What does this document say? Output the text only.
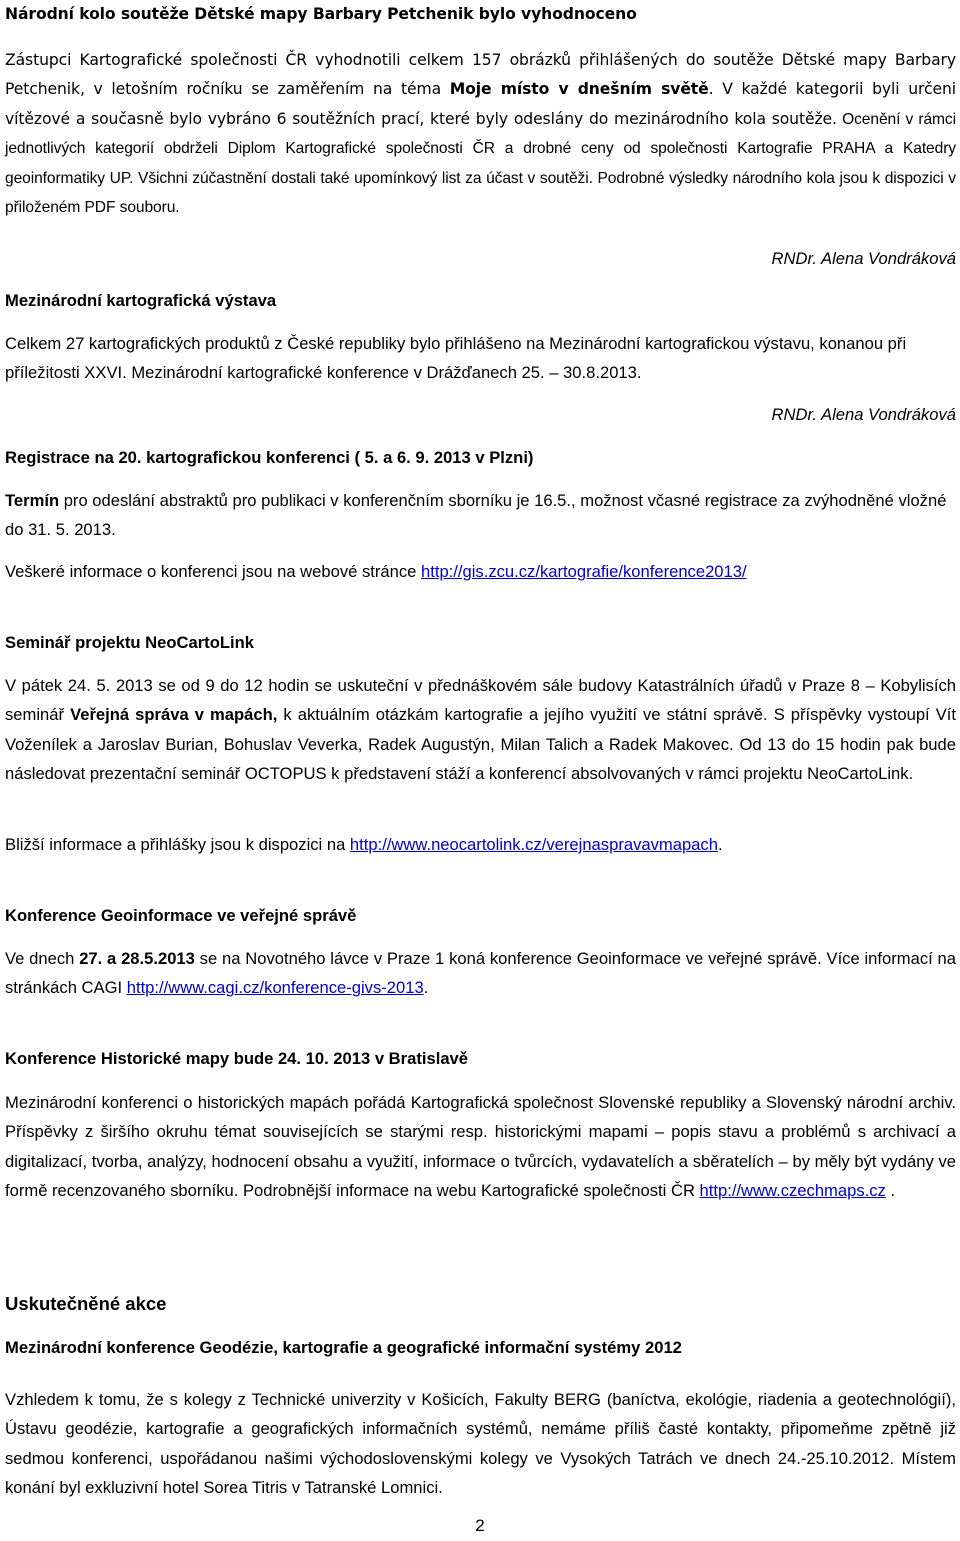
Národní kolo soutěže Dětské mapy Barbary Petchenik bylo vyhodnoceno
Zástupci Kartografické společnosti ČR vyhodnotili celkem 157 obrázků přihlášených do soutěže Dětské mapy Barbary Petchenik, v letošním ročníku se zaměřením na téma Moje místo v dnešním světě. V každé kategorii byli určeni vítězové a současně bylo vybráno 6 soutěžních prací, které byly odeslány do mezinárodního kola soutěže. Ocenění v rámci jednotlivých kategorií obdrželi Diplom Kartografické společnosti ČR a drobné ceny od společnosti Kartografie PRAHA a Katedry geoinformatiky UP. Všichni zúčastnění dostali také upomínkový list za účast v soutěži. Podrobné výsledky národního kola jsou k dispozici v přiloženém PDF souboru.
RNDr. Alena Vondráková
Mezinárodní kartografická výstava
Celkem 27 kartografických produktů z České republiky bylo přihlášeno na Mezinárodní kartografickou výstavu, konanou při příležitosti XXVI. Mezinárodní kartografické konference v Drážďanech 25. – 30.8.2013.
RNDr. Alena Vondráková
Registrace na 20. kartografickou konferenci ( 5. a 6. 9. 2013 v Plzni)
Termín pro odeslání abstraktů pro publikaci v konferenčním sborníku je 16.5., možnost včasné registrace za zvýhodněné vložné do 31. 5. 2013.
Veškeré informace o konferenci jsou na webové stránce http://gis.zcu.cz/kartografie/konference2013/
Seminář projektu NeoCartoLink
V pátek 24. 5. 2013 se od 9 do 12 hodin se uskuteční v přednáškovém sále budovy Katastrálních úřadů v Praze 8 – Kobylisích seminář Veřejná správa v mapách, k aktuálním otázkám kartografie a jejího využití ve státní správě. S příspěvky vystoupí Vít Voženílek a Jaroslav Burian, Bohuslav Veverka, Radek Augustýn, Milan Talich a Radek Makovec. Od 13 do 15 hodin pak bude následovat prezentační seminář OCTOPUS k představení stáží a konferencí absolvovaných v rámci projektu NeoCartoLink.
Bližší informace a přihlášky jsou k dispozici na http://www.neocartolink.cz/verejnaspravavmapach.
Konference Geoinformace ve veřejné správě
Ve dnech 27. a 28.5.2013 se na Novotného lávce v Praze 1 koná konference Geoinformace ve veřejné správě. Více informací na stránkách CAGI http://www.cagi.cz/konference-givs-2013.
Konference Historické mapy bude 24. 10. 2013 v Bratislavě
Mezinárodní konferenci o historických mapách pořádá Kartografická společnost Slovenské republiky a Slovenský národní archiv. Příspěvky z širšího okruhu témat souvisejících se starými resp. historickými mapami – popis stavu a problémů s archivací a digitalizací, tvorba, analýzy, hodnocení obsahu a využití, informace o tvůrcích, vydavatelích a sběratelích – by měly být vydány ve formě recenzovaného sborníku. Podrobnější informace na webu Kartografické společnosti ČR http://www.czechmaps.cz .
Uskutečněné akce
Mezinárodní konference Geodézie, kartografie a geografické informační systémy 2012
Vzhledem k tomu, že s kolegy z Technické univerzity v Košicích, Fakulty BERG (baníctva, ekológie, riadenia a geotechnológií), Ústavu geodézie, kartografie a geografických informačních systémů, nemáme příliš časté kontakty, připomeňme zpětně již sedmou konferenci, uspořádanou našimi východoslovenskými kolegy ve Vysokých Tatrách ve dnech 24.-25.10.2012. Místem konání byl exkluzivní hotel Sorea Titris v Tatranské Lomnici.
2
